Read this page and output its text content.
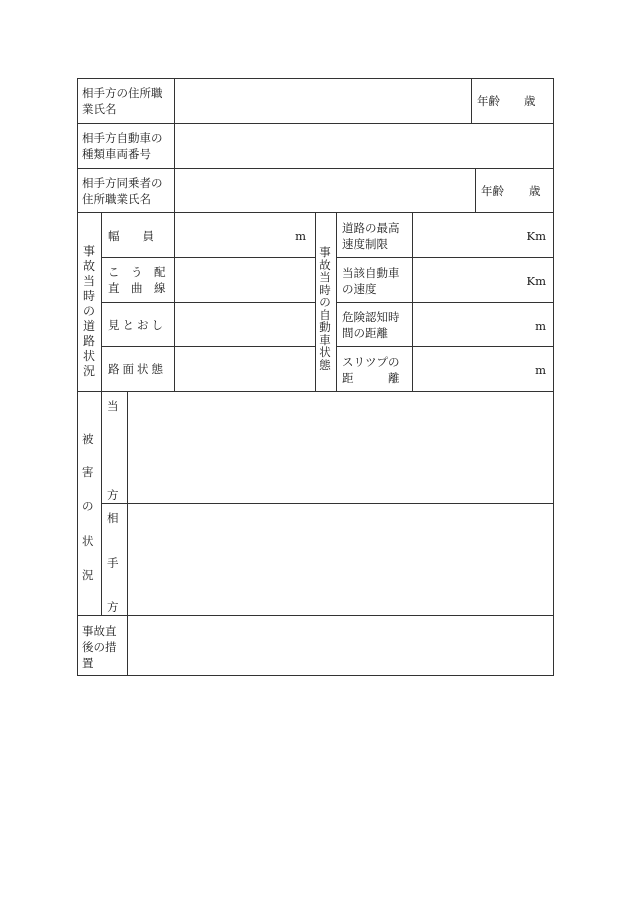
相手方の住所職
業氏名
年齢 歳
相手方自動車の
種類車両番号
相手方同乗者の
住所職業氏名
年齢 歳
事故当時の道路状況
幅　　員	m
こ　う　配
直　曲　線
見とおし
路面状態
事故当時の自動車状態
道路の最高
速度制限
Km
当該自動車
の速度
Km
危険認知時
間の距離	m
スリツプの
距　　　離
m
被
害
の
状
況
当
方
相
手
方
事故直
後の措
置
